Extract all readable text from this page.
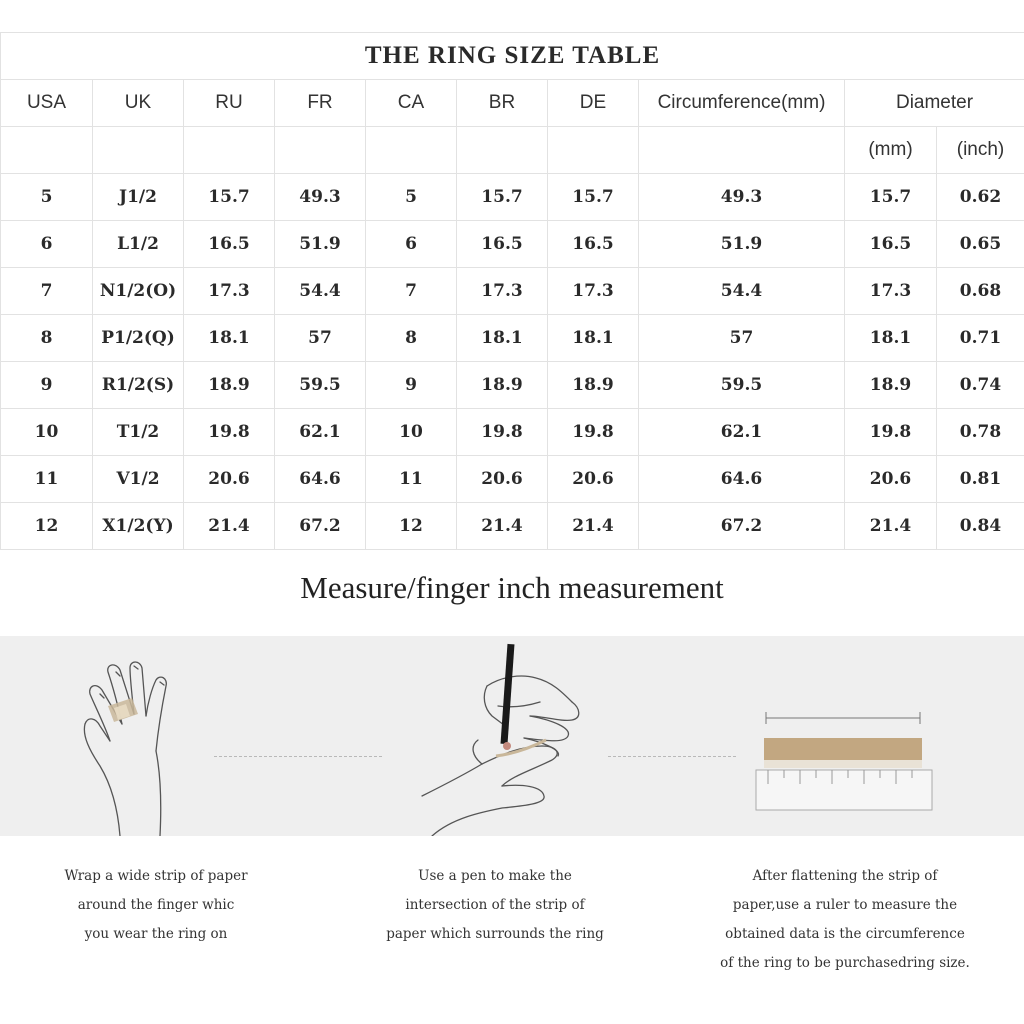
THE RING SIZE TABLE									
USA	UK	RU	FR	CA	BR	DE	Circumference(mm)	Diameter	
								(mm)	(inch)
5	J1/2	15.7	49.3	5	15.7	15.7	49.3	15.7	0.62
6	L1/2	16.5	51.9	6	16.5	16.5	51.9	16.5	0.65
7	N1/2(O)	17.3	54.4	7	17.3	17.3	54.4	17.3	0.68
8	P1/2(Q)	18.1	57	8	18.1	18.1	57	18.1	0.71
9	R1/2(S)	18.9	59.5	9	18.9	18.9	59.5	18.9	0.74
10	T1/2	19.8	62.1	10	19.8	19.8	62.1	19.8	0.78
11	V1/2	20.6	64.6	11	20.6	20.6	64.6	20.6	0.81
12	X1/2(Y)	21.4	67.2	12	21.4	21.4	67.2	21.4	0.84
Measure/finger inch measurement
Wrap a wide strip of paper
around the finger whic
you wear the ring on
Use a pen to make the
intersection of the strip of
paper which surrounds the ring
After flattening the strip of
paper,use a ruler to measure the
obtained data is the circumference
of the ring to be purchasedring size.
